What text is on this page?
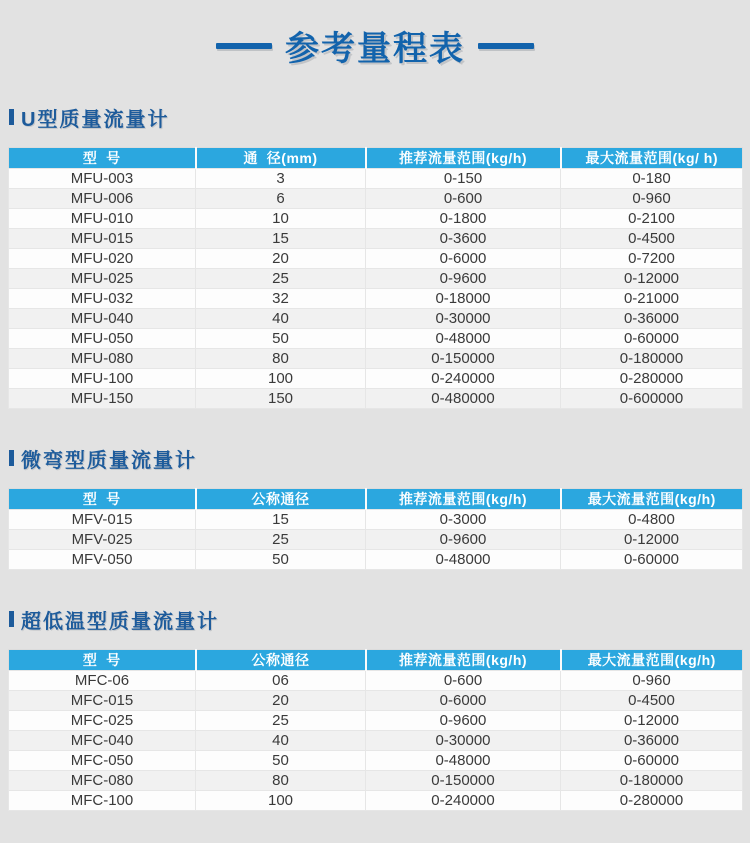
参考量程表
U型质量流量计
型  号	通  径(mm)	推荐流量范围(kg/h)	最大流量范围(kg/ h)
MFU-003	3	0-150	0-180
MFU-006	6	0-600	0-960
MFU-010	10	0-1800	0-2100
MFU-015	15	0-3600	0-4500
MFU-020	20	0-6000	0-7200
MFU-025	25	0-9600	0-12000
MFU-032	32	0-18000	0-21000
MFU-040	40	0-30000	0-36000
MFU-050	50	0-48000	0-60000
MFU-080	80	0-150000	0-180000
MFU-100	100	0-240000	0-280000
MFU-150	150	0-480000	0-600000
微弯型质量流量计
型  号	公称通径	推荐流量范围(kg/h)	最大流量范围(kg/h)
MFV-015	15	0-3000	0-4800
MFV-025	25	0-9600	0-12000
MFV-050	50	0-48000	0-60000
超低温型质量流量计
型  号	公称通径	推荐流量范围(kg/h)	最大流量范围(kg/h)
MFC-06	06	0-600	0-960
MFC-015	20	0-6000	0-4500
MFC-025	25	0-9600	0-12000
MFC-040	40	0-30000	0-36000
MFC-050	50	0-48000	0-60000
MFC-080	80	0-150000	0-180000
MFC-100	100	0-240000	0-280000
